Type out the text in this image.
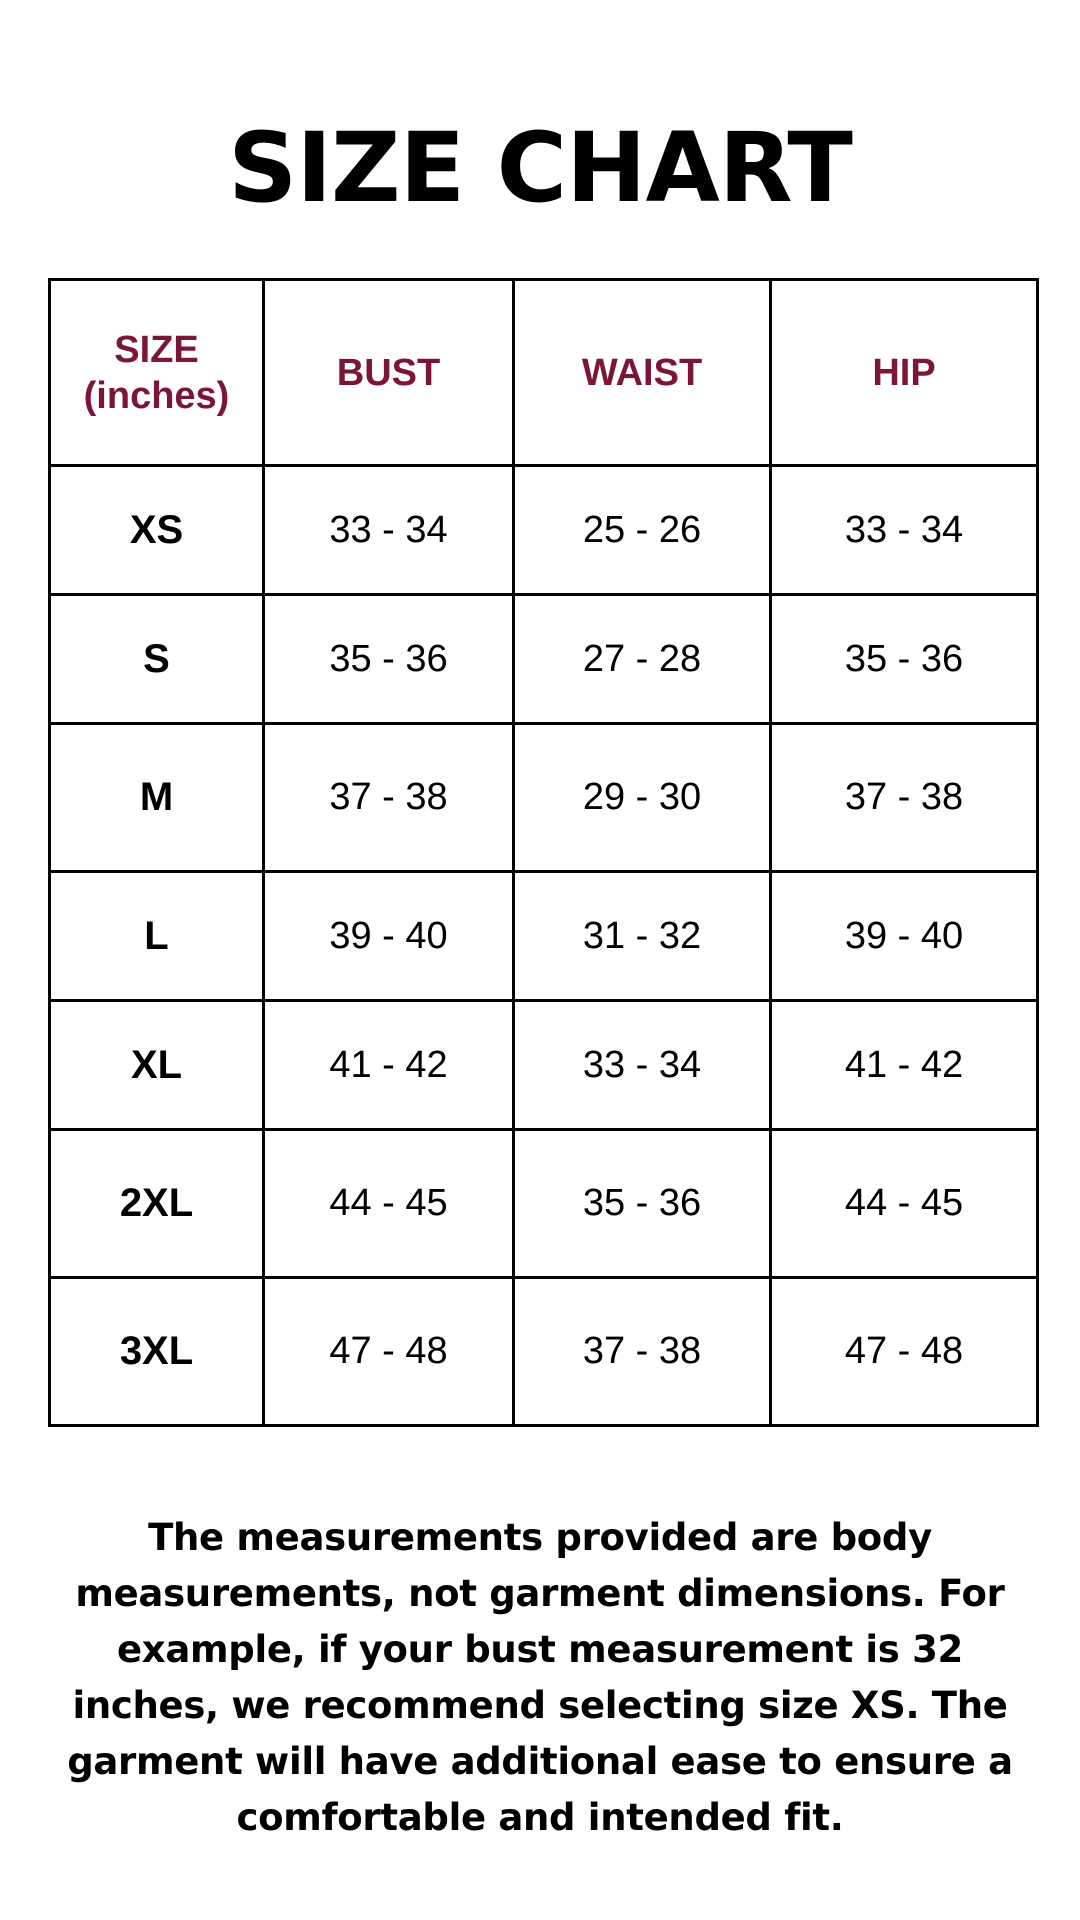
SIZE CHART
SIZE
(inches)	BUST	WAIST	HIP
XS	33 - 34	25 - 26	33 - 34
S	35 - 36	27 - 28	35 - 36
M	37 - 38	29 - 30	37 - 38
L	39 - 40	31 - 32	39 - 40
XL	41 - 42	33 - 34	41 - 42
2XL	44 - 45	35 - 36	44 - 45
3XL	47 - 48	37 - 38	47 - 48

The measurements provided are body measurements, not garment dimensions. For example, if your bust measurement is 32 inches, we recommend selecting size XS. The garment will have additional ease to ensure a comfortable and intended fit.
